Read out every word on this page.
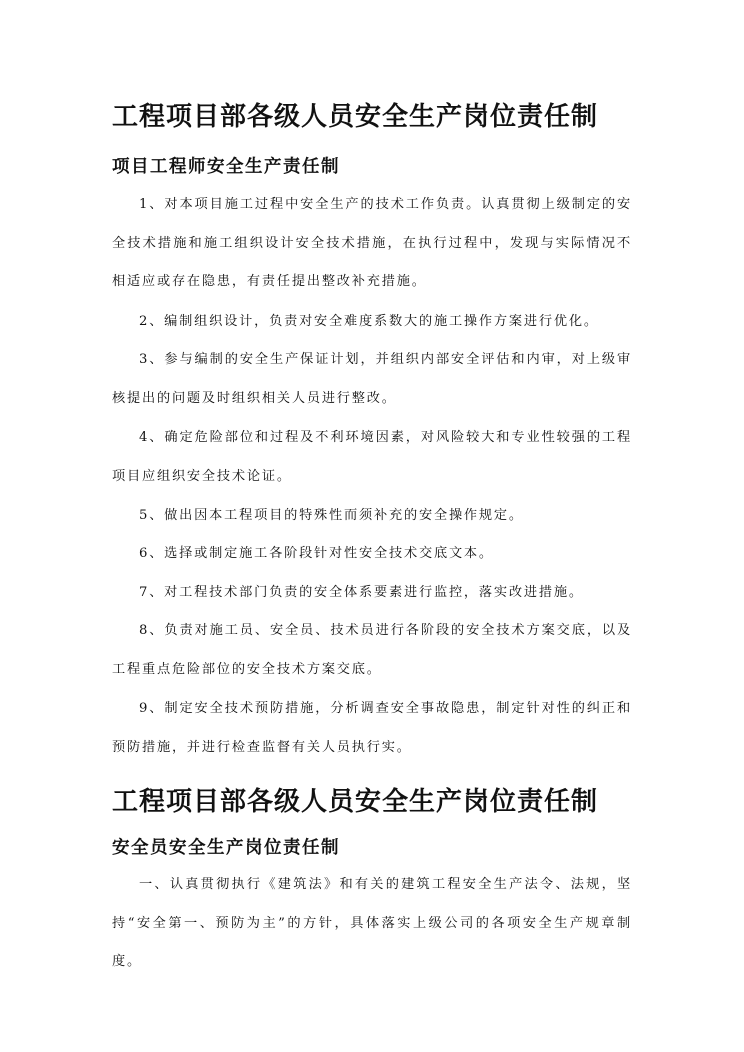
工程项目部各级人员安全生产岗位责任制
项目工程师安全生产责任制

1、对本项目施工过程中安全生产的技术工作负责。认真贯彻上级制定的安全技术措施和施工组织设计安全技术措施，在执行过程中，发现与实际情况不相适应或存在隐患，有责任提出整改补充措施。

2、编制组织设计，负责对安全难度系数大的施工操作方案进行优化。

3、参与编制的安全生产保证计划，并组织内部安全评估和内审，对上级审核提出的问题及时组织相关人员进行整改。

4、确定危险部位和过程及不利环境因素，对风险较大和专业性较强的工程项目应组织安全技术论证。

5、做出因本工程项目的特殊性而须补充的安全操作规定。

6、选择或制定施工各阶段针对性安全技术交底文本。

7、对工程技术部门负责的安全体系要素进行监控，落实改进措施。

8、负责对施工员、安全员、技术员进行各阶段的安全技术方案交底，以及工程重点危险部位的安全技术方案交底。

9、制定安全技术预防措施，分析调查安全事故隐患，制定针对性的纠正和预防措施，并进行检查监督有关人员执行实。

工程项目部各级人员安全生产岗位责任制
安全员安全生产岗位责任制

一、认真贯彻执行《建筑法》和有关的建筑工程安全生产法令、法规，坚持“安全第一、预防为主”的方针，具体落实上级公司的各项安全生产规章制度。
